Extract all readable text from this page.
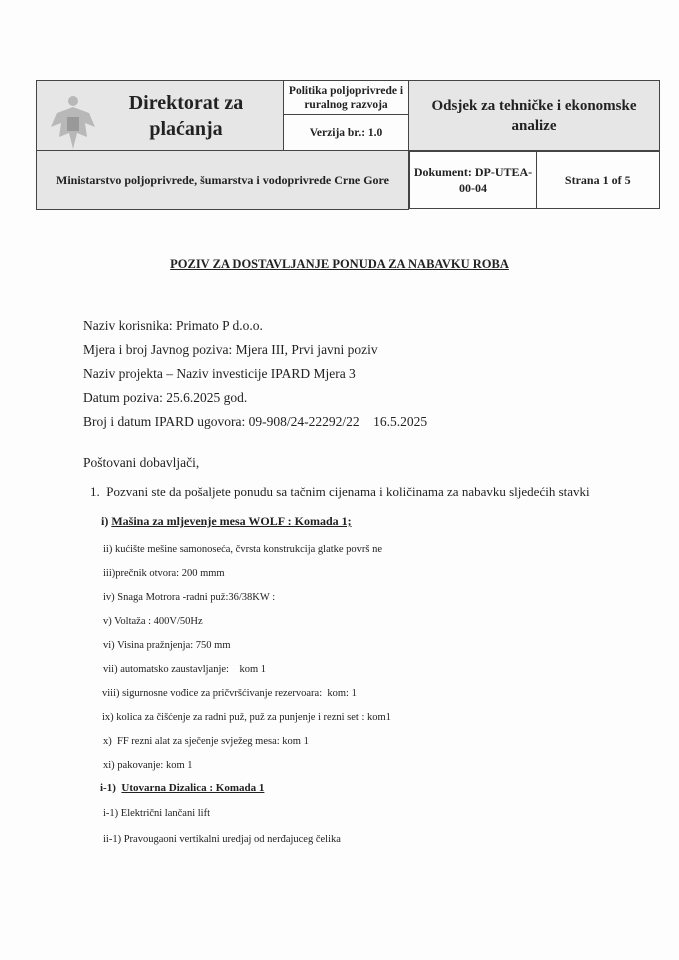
Direktorat za plaćanja
	Politika poljoprivrede i ruralnog razvoja	Odsjek za tehničke i ekonomske analize
Verzija br.: 1.0
Ministarstvo poljoprivrede, šumarstva i vodoprivrede Crne Gore	
Dokument: DP-UTEA-00-04	Strana 1 of 5
POZIV ZA DOSTAVLJANJE PONUDA ZA NABAVKU ROBA
Naziv korisnika: Primato P d.o.o.
Mjera i broj Javnog poziva: Mjera III, Prvi javni poziv
Naziv projekta – Naziv investicije IPARD Mjera 3
Datum poziva: 25.6.2025 god.
Broj i datum IPARD ugovora: 09-908/24-22292/22    16.5.2025
Poštovani dobavljači,
1.  Pozvani ste da pošaljete ponudu sa tačnim cijenama i količinama za nabavku sljedećih stavki
i) Mašina za mljevenje mesa WOLF : Komada 1;
ii) kućište mešine samonoseća, čvrsta konstrukcija glatke površ ne
iii)prečnik otvora: 200 mmm
iv) Snaga Motrora -radni puž:36/38KW :
v) Voltaža : 400V/50Hz
vi) Visina pražnjenja: 750 mm
vii) automatsko zaustavljanje:    kom 1
viii) sigurnosne vođice za pričvršćivanje rezervoara:  kom: 1
ix) kolica za čišćenje za radni puž, puž za punjenje i rezni set : kom1
x)  FF rezni alat za sječenje svježeg mesa: kom 1
xi) pakovanje: kom 1
i-1) Utovarna Dizalica : Komada 1
i-1) Električni lančani lift
ii-1) Pravougaoni vertikalni uredjaj od nerđajuceg čelika
